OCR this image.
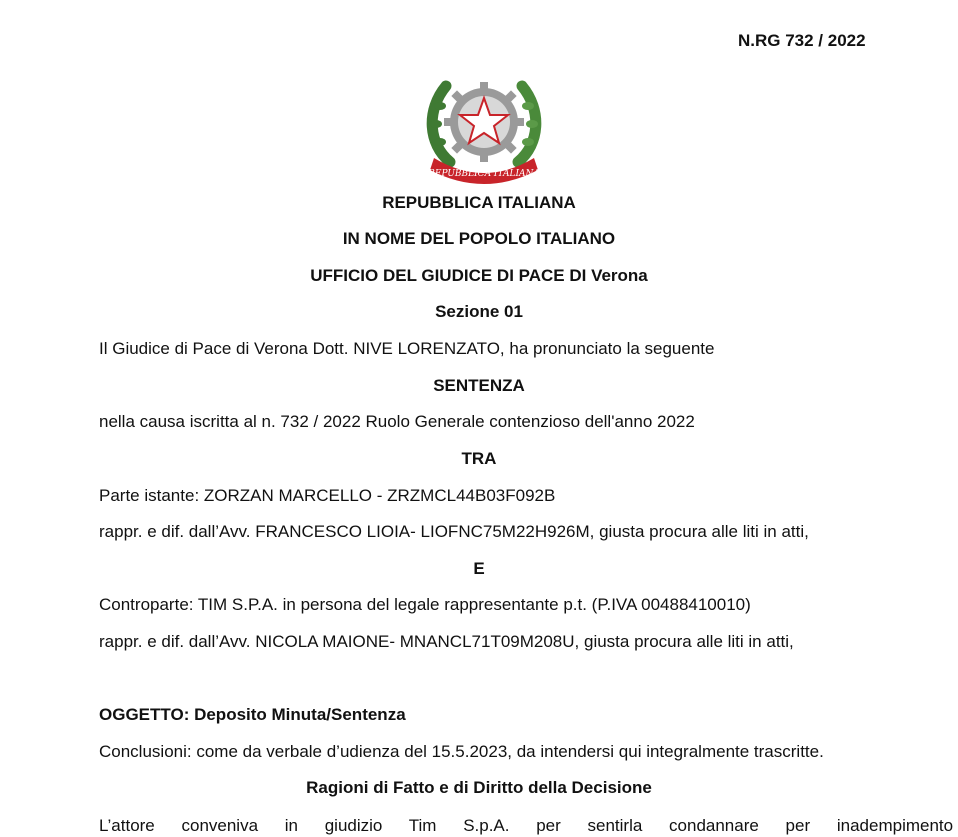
N.RG 732 / 2022
REPUBBLICA ITALIANA
REPUBBLICA ITALIANA
IN NOME DEL POPOLO ITALIANO
UFFICIO DEL GIUDICE DI PACE DI Verona
Sezione 01
Il Giudice di Pace di Verona Dott. NIVE LORENZATO, ha pronunciato la seguente
SENTENZA
nella causa iscritta al n. 732 / 2022 Ruolo Generale contenzioso dell'anno 2022
TRA
Parte istante: ZORZAN MARCELLO - ZRZMCL44B03F092B
rappr. e dif. dall’Avv. FRANCESCO LIOIA- LIOFNC75M22H926M, giusta procura alle liti in atti,
E
Controparte: TIM S.P.A. in persona del legale rappresentante p.t. (P.IVA 00488410010)
rappr. e dif. dall’Avv. NICOLA MAIONE- MNANCL71T09M208U, giusta procura alle liti in atti,
OGGETTO: Deposito Minuta/Sentenza
Conclusioni: come da verbale d’udienza del 15.5.2023, da intendersi qui integralmente trascritte.
Ragioni di Fatto e di Diritto della Decisione
L’attore conveniva in giudizio Tim S.p.A. per sentirla condannare per inadempimento
